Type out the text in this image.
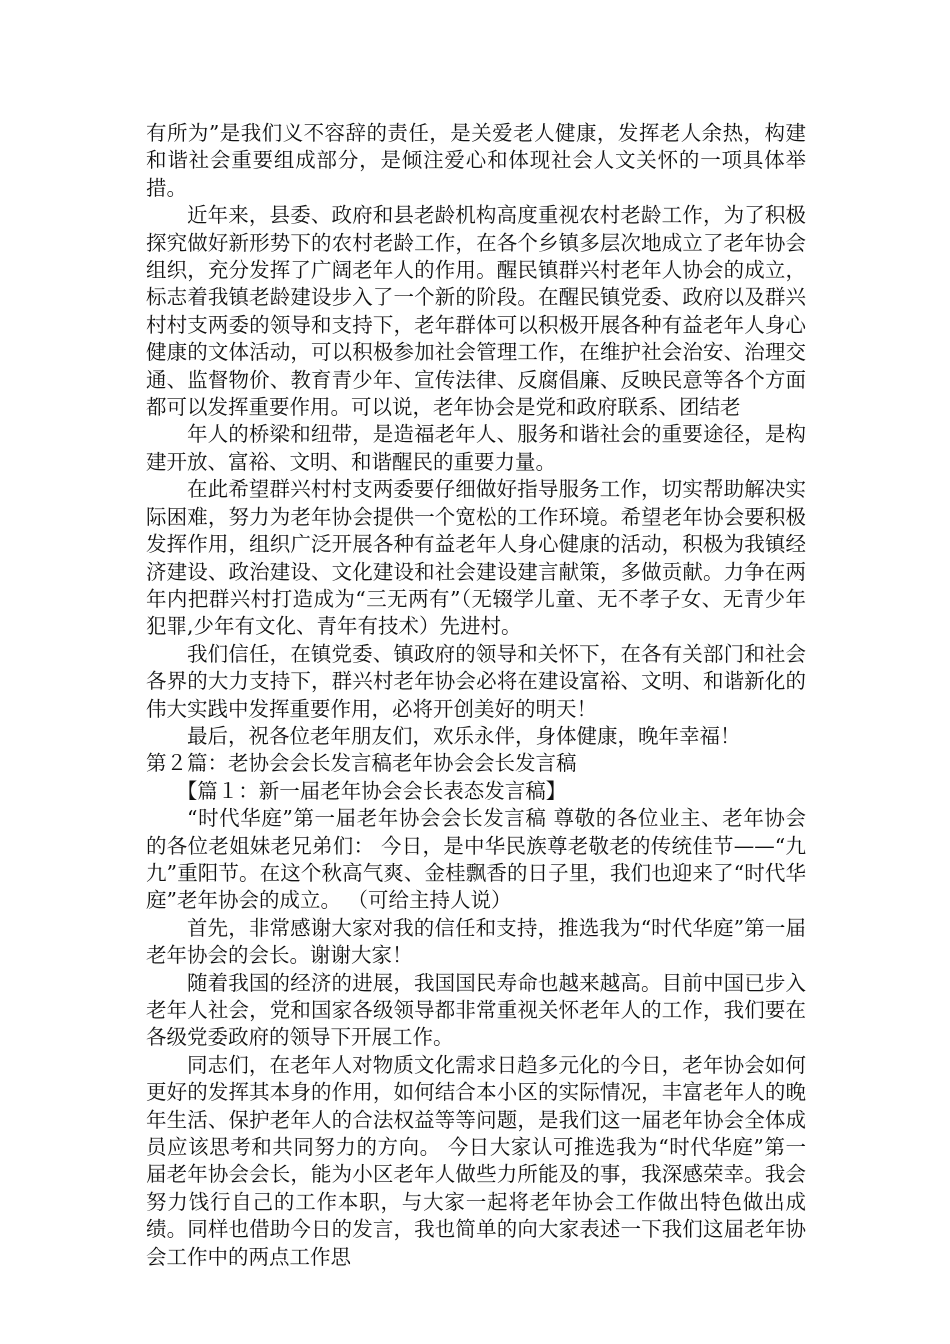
有所为”是我们义不容辞的责任，是关爱老人健康，发挥老人余热，构建和谐社会重要组成部分，是倾注爱心和体现社会人文关怀的一项具体举措。

近年来，县委、政府和县老龄机构高度重视农村老龄工作，为了积极探究做好新形势下的农村老龄工作，在各个乡镇多层次地成立了老年协会组织，充分发挥了广阔老年人的作用。醒民镇群兴村老年人协会的成立，标志着我镇老龄建设步入了一个新的阶段。在醒民镇党委、政府以及群兴村村支两委的领导和支持下，老年群体可以积极开展各种有益老年人身心健康的文体活动，可以积极参加社会管理工作，在维护社会治安、治理交通、监督物价、教育青少年、宣传法律、反腐倡廉、反映民意等各个方面都可以发挥重要作用。可以说，老年协会是党和政府联系、团结老

年人的桥梁和纽带，是造福老年人、服务和谐社会的重要途径，是构建开放、富裕、文明、和谐醒民的重要力量。

在此希望群兴村村支两委要仔细做好指导服务工作，切实帮助解决实际困难，努力为老年协会提供一个宽松的工作环境。希望老年协会要积极发挥作用，组织广泛开展各种有益老年人身心健康的活动，积极为我镇经济建设、政治建设、文化建设和社会建设建言献策，多做贡献。力争在两年内把群兴村打造成为“三无两有”（无辍学儿童、无不孝子女、无青少年犯罪,少年有文化、青年有技术）先进村。

我们信任，在镇党委、镇政府的领导和关怀下，在各有关部门和社会各界的大力支持下，群兴村老年协会必将在建设富裕、文明、和谐新化的伟大实践中发挥重要作用，必将开创美好的明天！

最后，祝各位老年朋友们，欢乐永伴，身体健康，晚年幸福！

第２篇：老协会会长发言稿老年协会会长发言稿

【篇１：新一届老年协会会长表态发言稿】

“时代华庭”第一届老年协会会长发言稿 尊敬的各位业主、老年协会的各位老姐妹老兄弟们： 今日，是中华民族尊老敬老的传统佳节——“九九”重阳节。在这个秋高气爽、金桂飘香的日子里，我们也迎来了“时代华庭”老年协会的成立。 （可给主持人说）

首先，非常感谢大家对我的信任和支持，推选我为“时代华庭”第一届老年协会的会长。谢谢大家！

随着我国的经济的进展，我国国民寿命也越来越高。目前中国已步入老年人社会，党和国家各级领导都非常重视关怀老年人的工作，我们要在各级党委政府的领导下开展工作。

同志们，在老年人对物质文化需求日趋多元化的今日，老年协会如何更好的发挥其本身的作用，如何结合本小区的实际情况，丰富老年人的晚年生活、保护老年人的合法权益等等问题，是我们这一届老年协会全体成员应该思考和共同努力的方向。 今日大家认可推选我为“时代华庭”第一届老年协会会长，能为小区老年人做些力所能及的事，我深感荣幸。我会努力饯行自己的工作本职，与大家一起将老年协会工作做出特色做出成绩。同样也借助今日的发言，我也简单的向大家表述一下我们这届老年协会工作中的两点工作思
